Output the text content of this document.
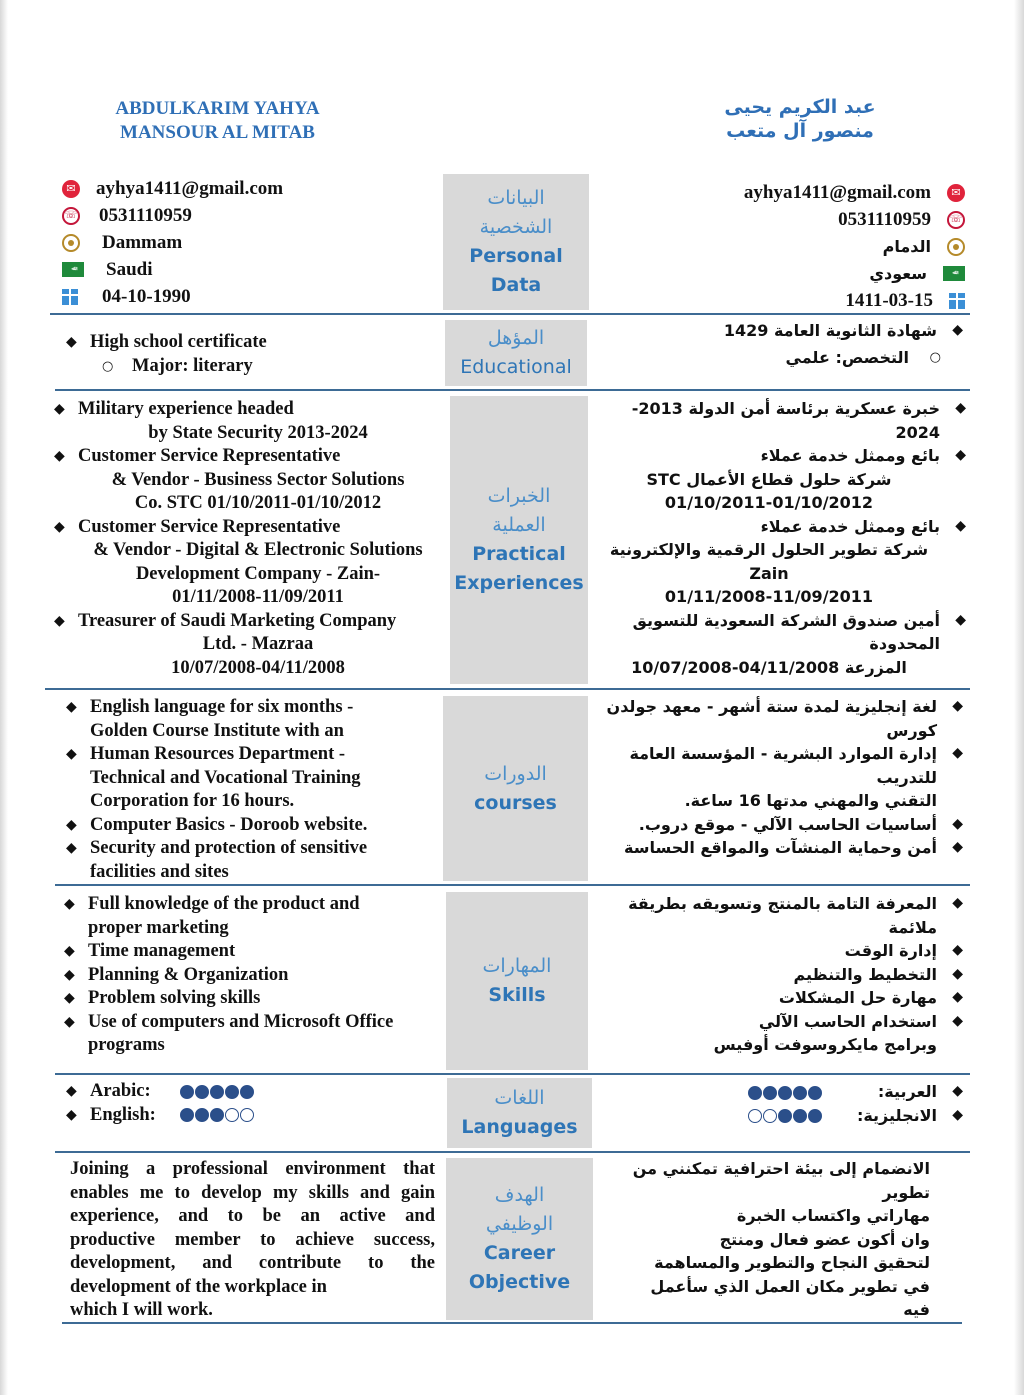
ABDULKARIM YAHYA MANSOUR AL MITAB
عبد الكريم يحيى
منصور آل متعب
✉ ayhya1411@gmail.com
☏ 0531110959
Dammam
ﷲ	Saudi
04-10-1990
البيانات الشخصية
Personal Data
✉
ayhya1411@gmail.com
☏
0531110959
الدمام
ﷲ
سعودي
1411-03-15
◆ High school certificate
○ Major: literary
المؤهل
Educational
◆ شهادة الثانوية العامة 1429
○ التخصص: علمي
◆ Military experience headed
by State Security 2013-2024
◆ Customer Service Representative
& Vendor - Business Sector Solutions
Co. STC 01/10/2011-01/10/2012
◆ Customer Service Representative
& Vendor - Digital & Electronic Solutions
Development Company - Zain-
01/11/2008-11/09/2011
◆ Treasurer of Saudi Marketing Company
Ltd. - Mazraa
10/07/2008-04/11/2008
الخبرات العملية
Practical Experiences
◆ خبرة عسكرية برئاسة أمن الدولة 2013-2024
◆ بائع وممثل خدمة عملاء
شركة حلول قطاع الأعمال STC
01/10/2011-01/10/2012
◆ بائع وممثل خدمة عملاء
شركة تطوير الحلول الرقمية والإلكترونية Zain
01/11/2008-11/09/2011
◆ أمين صندوق الشركة السعودية للتسويق المحدودة
المزرعة 04/11/2008-10/07/2008
◆ English language for six months -
Golden Course Institute with an
◆ Human Resources Department -
Technical and Vocational Training
Corporation for 16 hours.
◆ Computer Basics - Doroob website.
◆ Security and protection of sensitive
facilities and sites
الدورات
courses
◆ لغة إنجليزية لمدة ستة أشهر - معهد جولدن كورس
◆ إدارة الموارد البشرية - المؤسسة العامة للتدريب
التقني والمهني مدتها 16 ساعة.
◆ أساسيات الحاسب الآلي - موقع دروب.
◆ أمن وحماية المنشآت والمواقع الحساسة
◆ Full knowledge of the product and
proper marketing
◆ Time management
◆ Planning & Organization
◆ Problem solving skills
◆ Use of computers and Microsoft Office
programs
المهارات
Skills
◆ المعرفة التامة بالمنتج وتسويقه بطريقة ملائمة
◆ إدارة الوقت
◆ التخطيط والتنظيم
◆ مهارة حل المشكلات
◆ استخدام الحاسب الآلي
وبرامج مايكروسوفت أوفيس
◆ Arabic:
◆ English:
اللغات
Languages
◆ العربية:
◆ الانجليزية:
Joining a professional environment that enables me to develop my skills and gain experience, and to be an active and productive member to achieve success, development, and contribute to the development of the workplace in
which I will work.
الهدف الوظيفي
Career Objective
الانضمام إلى بيئة احترافية تمكنني من تطوير
مهاراتي واكتساب الخبرة
وان أكون عضو فعال ومنتج
لتحقيق النجاح والتطوير والمساهمة
في تطوير مكان العمل الذي سأعمل فيه
